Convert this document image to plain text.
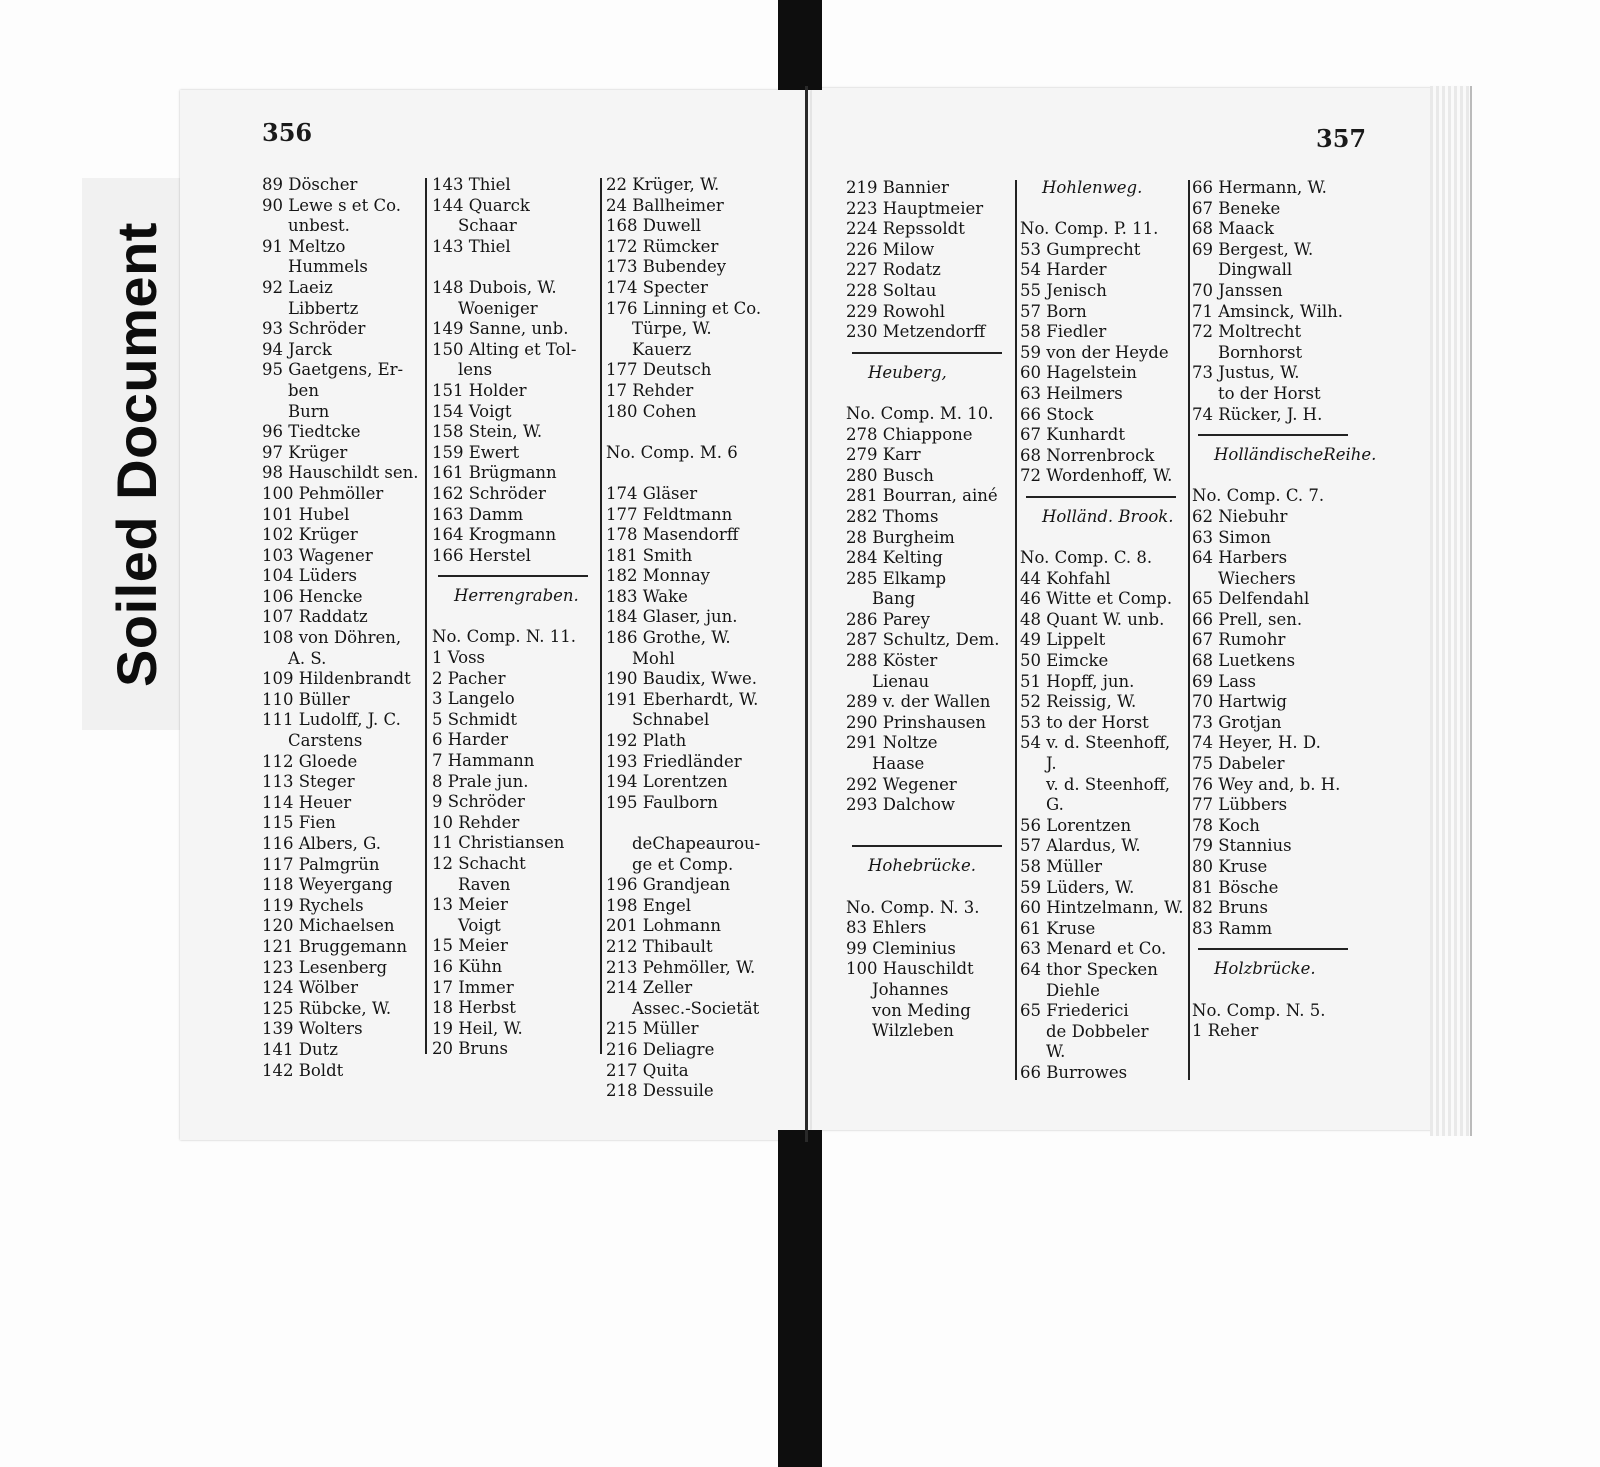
Soiled Document
356	357
89 Döscher
90 Lewe s et Co.
unbest.
91 Meltzo
Hummels
92 Laeiz
Libbertz
93 Schröder
94 Jarck
95 Gaetgens, Er-
ben
Burn
96 Tiedtcke
97 Krüger
98 Hauschildt sen.
100 Pehmöller
101 Hubel
102 Krüger
103 Wagener
104 Lüders
106 Hencke
107 Raddatz
108 von Döhren,
A. S.
109 Hildenbrandt
110 Büller
111 Ludolff, J. C.
Carstens
112 Gloede
113 Steger
114 Heuer
115 Fien
116 Albers, G.
117 Palmgrün
118 Weyergang
119 Rychels
120 Michaelsen
121 Bruggemann
123 Lesenberg
124 Wölber
125 Rübcke, W.
139 Wolters
141 Dutz
142 Boldt
143 Thiel
144 Quarck
Schaar
143 Thiel
148 Dubois, W.
Woeniger
149 Sanne, unb.
150 Alting et Tol-
lens
151 Holder
154 Voigt
158 Stein, W.
159 Ewert
161 Brügmann
162 Schröder
163 Damm
164 Krogmann
166 Herstel
Herrengraben.
No. Comp. N. 11.
1 Voss
2 Pacher
3 Langelo
5 Schmidt
6 Harder
7 Hammann
8 Prale jun.
9 Schröder
10 Rehder
11 Christiansen
12 Schacht
Raven
13 Meier
Voigt
15 Meier
16 Kühn
17 Immer
18 Herbst
19 Heil, W.
20 Bruns
22 Krüger, W.
24 Ballheimer
168 Duwell
172 Rümcker
173 Bubendey
174 Specter
176 Linning et Co.
Türpe, W.
Kauerz
177 Deutsch
17 Rehder
180 Cohen
No. Comp. M. 6
174 Gläser
177 Feldtmann
178 Masendorff
181 Smith
182 Monnay
183 Wake
184 Glaser, jun.
186 Grothe, W.
Mohl
190 Baudix, Wwe.
191 Eberhardt, W.
Schnabel
192 Plath
193 Friedländer
194 Lorentzen
195 Faulborn
deChapeaurou-
ge et Comp.
196 Grandjean
198 Engel
201 Lohmann
212 Thibault
213 Pehmöller, W.
214 Zeller
Assec.-Societät
215 Müller
216 Deliagre
217 Quita
218 Dessuile
219 Bannier
223 Hauptmeier
224 Repssoldt
226 Milow
227 Rodatz
228 Soltau
229 Rowohl
230 Metzendorff
Heuberg,
No. Comp. M. 10.
278 Chiappone
279 Karr
280 Busch
281 Bourran, ainé
282 Thoms
28 Burgheim
284 Kelting
285 Elkamp
Bang
286 Parey
287 Schultz, Dem.
288 Köster
Lienau
289 v. der Wallen
290 Prinshausen
291 Noltze
Haase
292 Wegener
293 Dalchow
Hohebrücke.
No. Comp. N. 3.
83 Ehlers
99 Cleminius
100 Hauschildt
Johannes
von Meding
Wilzleben
Hohlenweg.
No. Comp. P. 11.
53 Gumprecht
54 Harder
55 Jenisch
57 Born
58 Fiedler
59 von der Heyde
60 Hagelstein
63 Heilmers
66 Stock
67 Kunhardt
68 Norrenbrock
72 Wordenhoff, W.
Holländ. Brook.
No. Comp. C. 8.
44 Kohfahl
46 Witte et Comp.
48 Quant W. unb.
49 Lippelt
50 Eimcke
51 Hopff, jun.
52 Reissig, W.
53 to der Horst
54 v. d. Steenhoff,
J.
v. d. Steenhoff,
G.
56 Lorentzen
57 Alardus, W.
58 Müller
59 Lüders, W.
60 Hintzelmann, W.
61 Kruse
63 Menard et Co.
64 thor Specken
Diehle
65 Friederici
de Dobbeler
W.
66 Burrowes
66 Hermann, W.
67 Beneke
68 Maack
69 Bergest, W.
Dingwall
70 Janssen
71 Amsinck, Wilh.
72 Moltrecht
Bornhorst
73 Justus, W.
to der Horst
74 Rücker, J. H.
HolländischeReihe.
No. Comp. C. 7.
62 Niebuhr
63 Simon
64 Harbers
Wiechers
65 Delfendahl
66 Prell, sen.
67 Rumohr
68 Luetkens
69 Lass
70 Hartwig
73 Grotjan
74 Heyer, H. D.
75 Dabeler
76 Wey and, b. H.
77 Lübbers
78 Koch
79 Stannius
80 Kruse
81 Bösche
82 Bruns
83 Ramm
Holzbrücke.
No. Comp. N. 5.
1 Reher
